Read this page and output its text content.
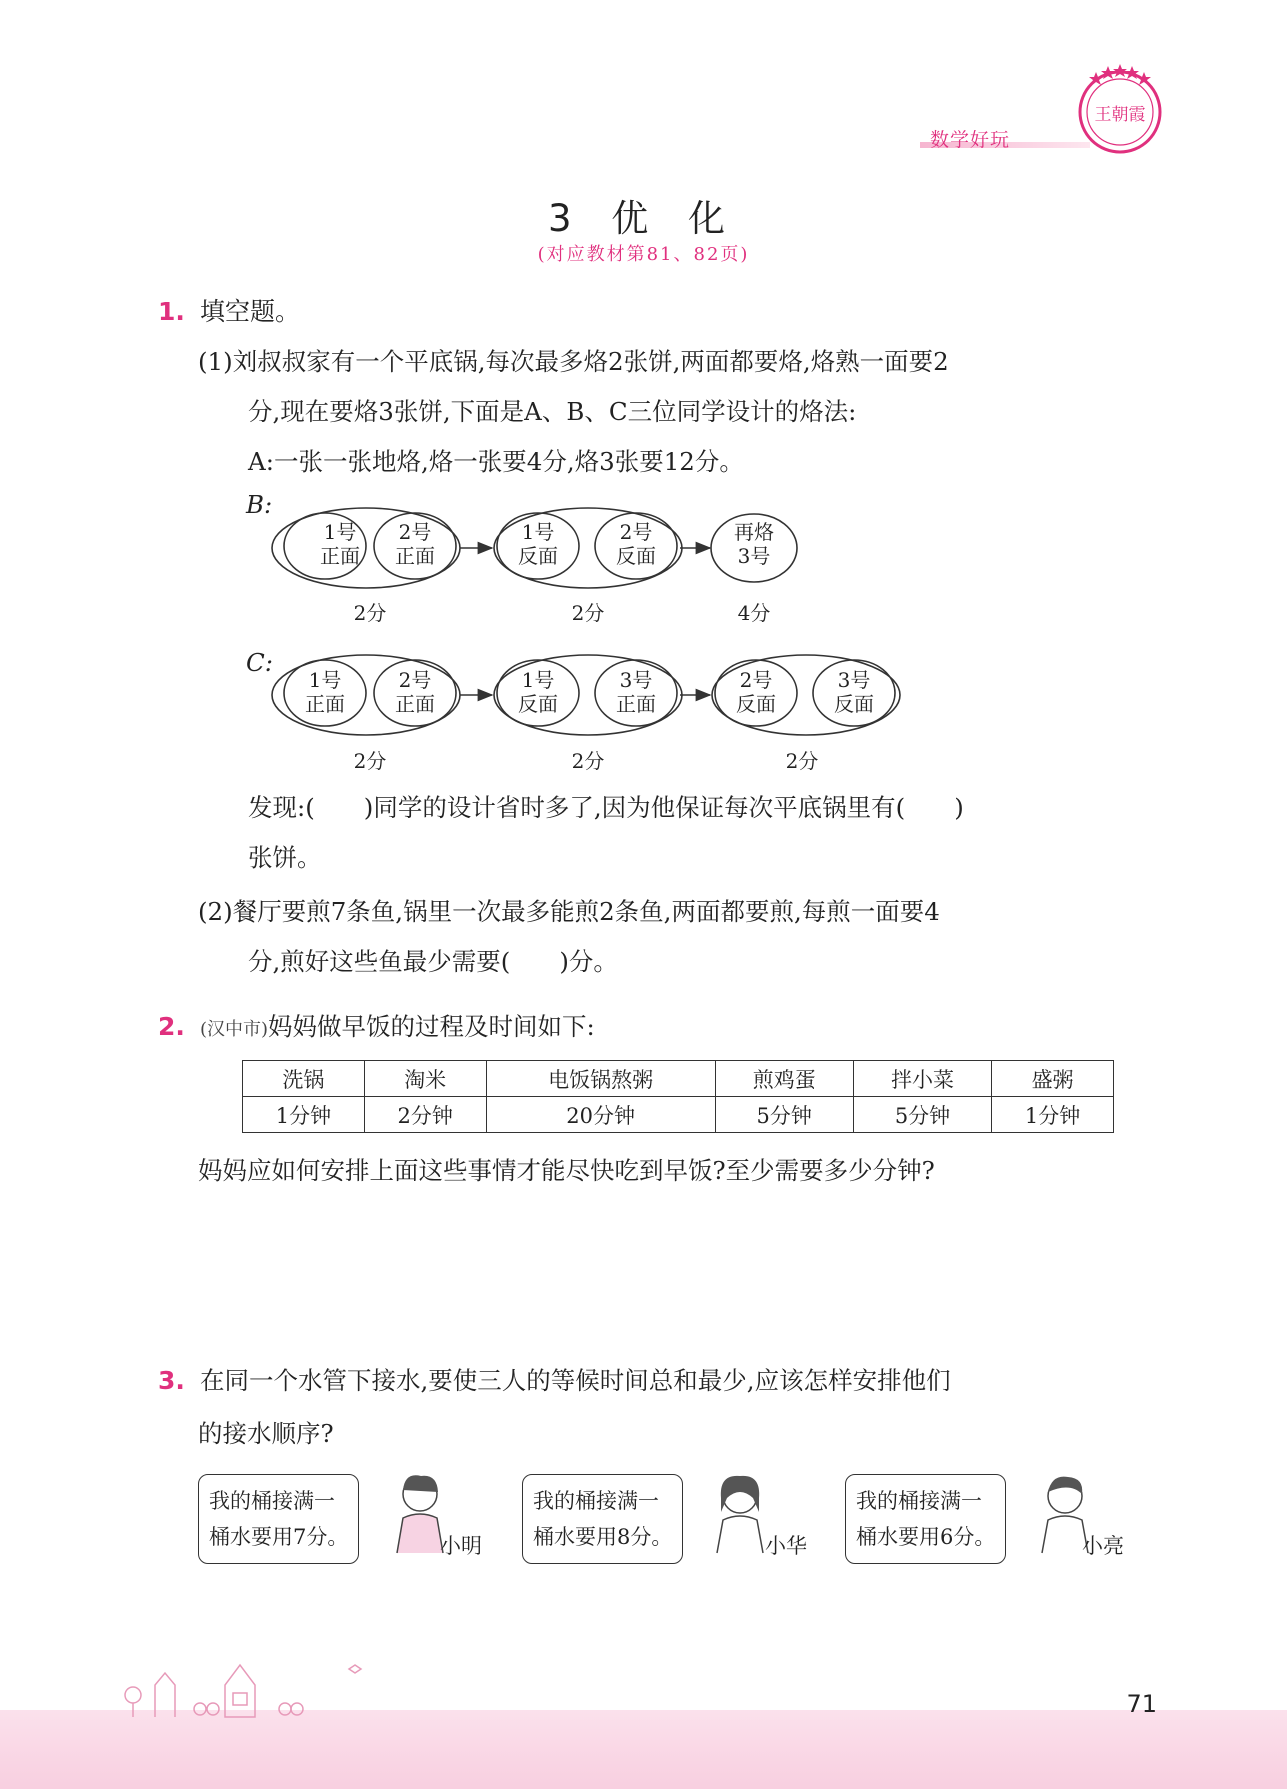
数学好玩
王朝霞
3 优 化
(对应教材第81、82页)
1. 填空题。
(1)刘叔叔家有一个平底锅,每次最多烙2张饼,两面都要烙,烙熟一面要2
分,现在要烙3张饼,下面是A、B、C三位同学设计的烙法:
A:一张一张地烙,烙一张要4分,烙3张要12分。
B:
1号
正面
2号
正面
1号
反面
2号
反面
再烙
3号
2分	2分	4分
C:
1号
正面
2号
正面
1号
反面
3号
正面
2号
反面
3号
反面
2分	2分	2分
发现:(　　)同学的设计省时多了,因为他保证每次平底锅里有(　　)
张饼。
(2)餐厅要煎7条鱼,锅里一次最多能煎2条鱼,两面都要煎,每煎一面要4
分,煎好这些鱼最少需要(　　)分。
2. (汉中市)妈妈做早饭的过程及时间如下:
洗锅	淘米	电饭锅熬粥	煎鸡蛋	拌小菜	盛粥
1分钟	2分钟	20分钟	5分钟	5分钟	1分钟
妈妈应如何安排上面这些事情才能尽快吃到早饭?至少需要多少分钟?
3. 在同一个水管下接水,要使三人的等候时间总和最少,应该怎样安排他们
的接水顺序?
我的桶接满一
桶水要用7分。	小明
我的桶接满一
桶水要用8分。	小华
我的桶接满一
桶水要用6分。	小亮
71
